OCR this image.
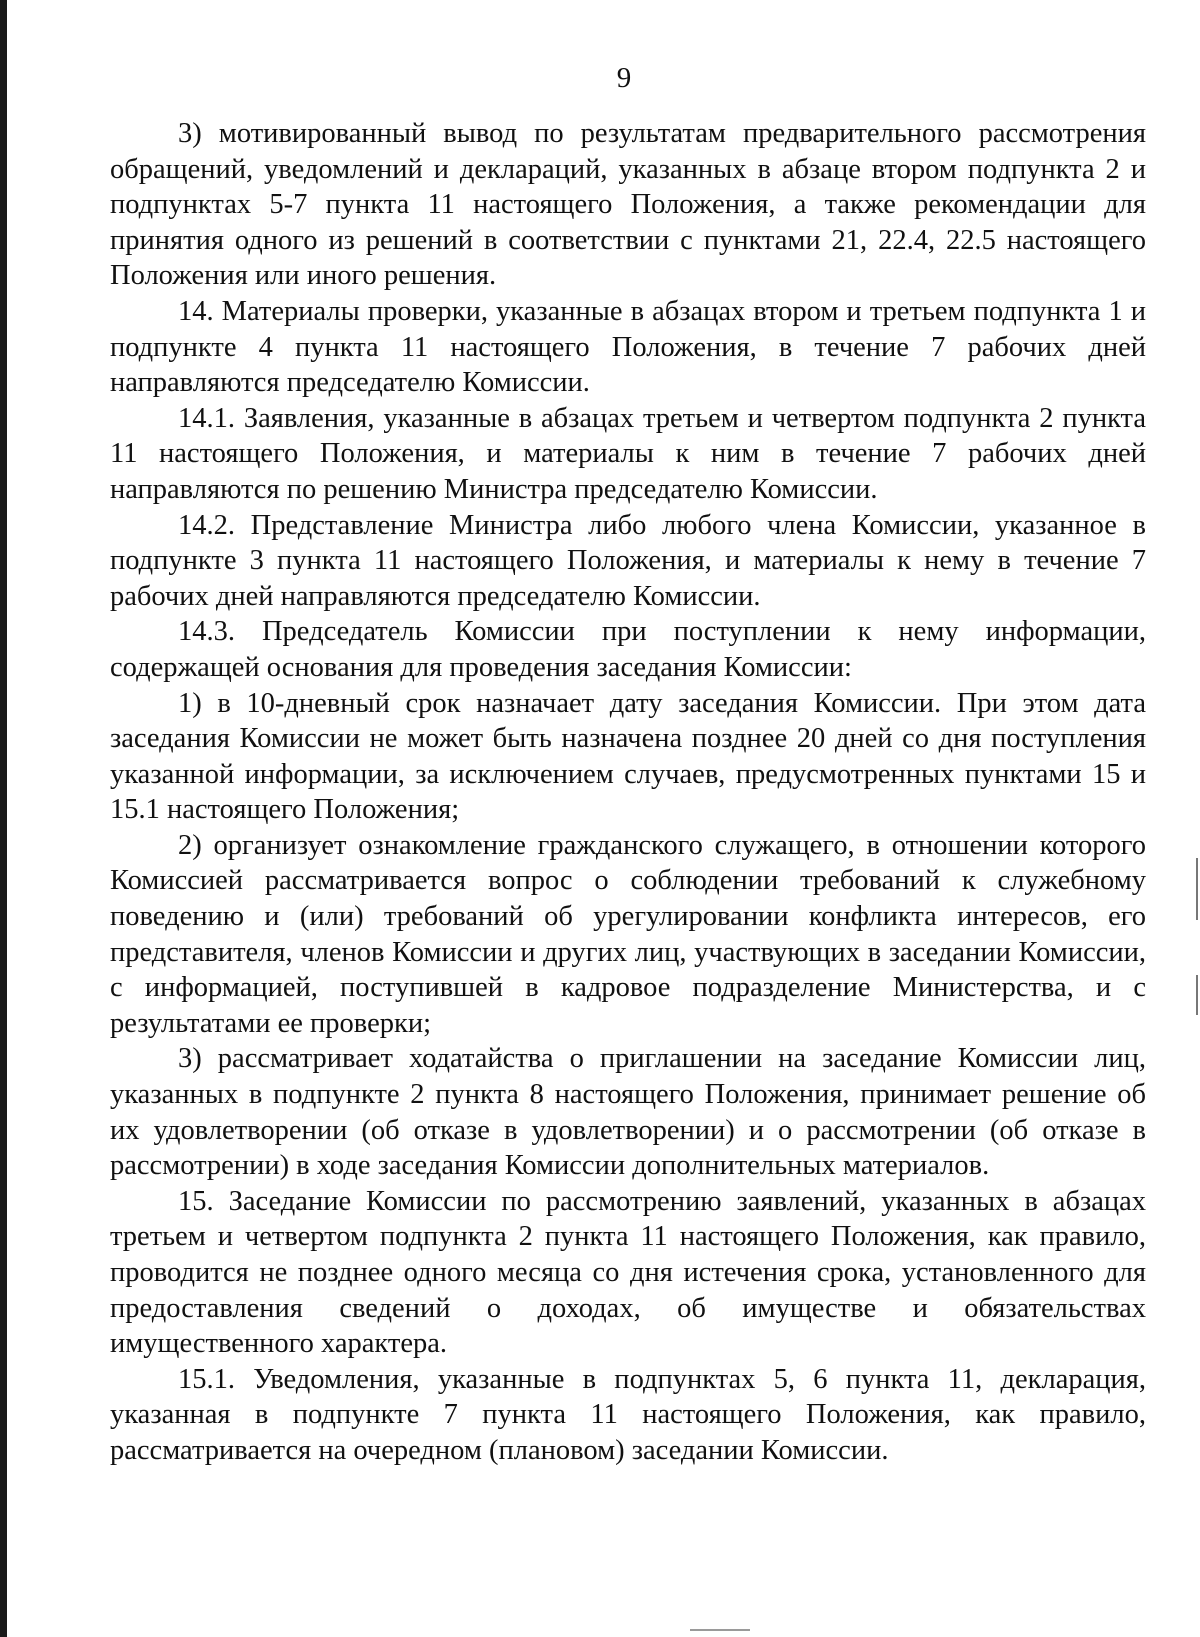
9

3) мотивированный вывод по результатам предварительного рассмотрения обращений, уведомлений и деклараций, указанных в абзаце втором подпункта 2 и подпунктах 5-7 пункта 11 настоящего Положения, а также рекомендации для принятия одного из решений в соответствии с пунктами 21, 22.4, 22.5 настоящего Положения или иного решения.

14. Материалы проверки, указанные в абзацах втором и третьем подпункта 1 и подпункте 4 пункта 11 настоящего Положения, в течение 7 рабочих дней направляются председателю Комиссии.

14.1. Заявления, указанные в абзацах третьем и четвертом подпункта 2 пункта 11 настоящего Положения, и материалы к ним в течение 7 рабочих дней направляются по решению Министра председателю Комиссии.

14.2. Представление Министра либо любого члена Комиссии, указанное в подпункте 3 пункта 11 настоящего Положения, и материалы к нему в течение 7 рабочих дней направляются председателю Комиссии.

14.3. Председатель Комиссии при поступлении к нему информации, содержащей основания для проведения заседания Комиссии:

1) в 10-дневный срок назначает дату заседания Комиссии. При этом дата заседания Комиссии не может быть назначена позднее 20 дней со дня поступления указанной информации, за исключением случаев, предусмотренных пунктами 15 и 15.1 настоящего Положения;

2) организует ознакомление гражданского служащего, в отношении которого Комиссией рассматривается вопрос о соблюдении требований к служебному поведению и (или) требований об урегулировании конфликта интересов, его представителя, членов Комиссии и других лиц, участвующих в заседании Комиссии, с информацией, поступившей в кадровое подразделение Министерства, и с результатами ее проверки;

3) рассматривает ходатайства о приглашении на заседание Комиссии лиц, указанных в подпункте 2 пункта 8 настоящего Положения, принимает решение об их удовлетворении (об отказе в удовлетворении) и о рассмотрении (об отказе в рассмотрении) в ходе заседания Комиссии дополнительных материалов.

15. Заседание Комиссии по рассмотрению заявлений, указанных в абзацах третьем и четвертом подпункта 2 пункта 11 настоящего Положения, как правило, проводится не позднее одного месяца со дня истечения срока, установленного для предоставления сведений о доходах, об имуществе и обязательствах имущественного характера.

15.1. Уведомления, указанные в подпунктах 5, 6 пункта 11, декларация, указанная в подпункте 7 пункта 11 настоящего Положения, как правило, рассматривается на очередном (плановом) заседании Комиссии.
